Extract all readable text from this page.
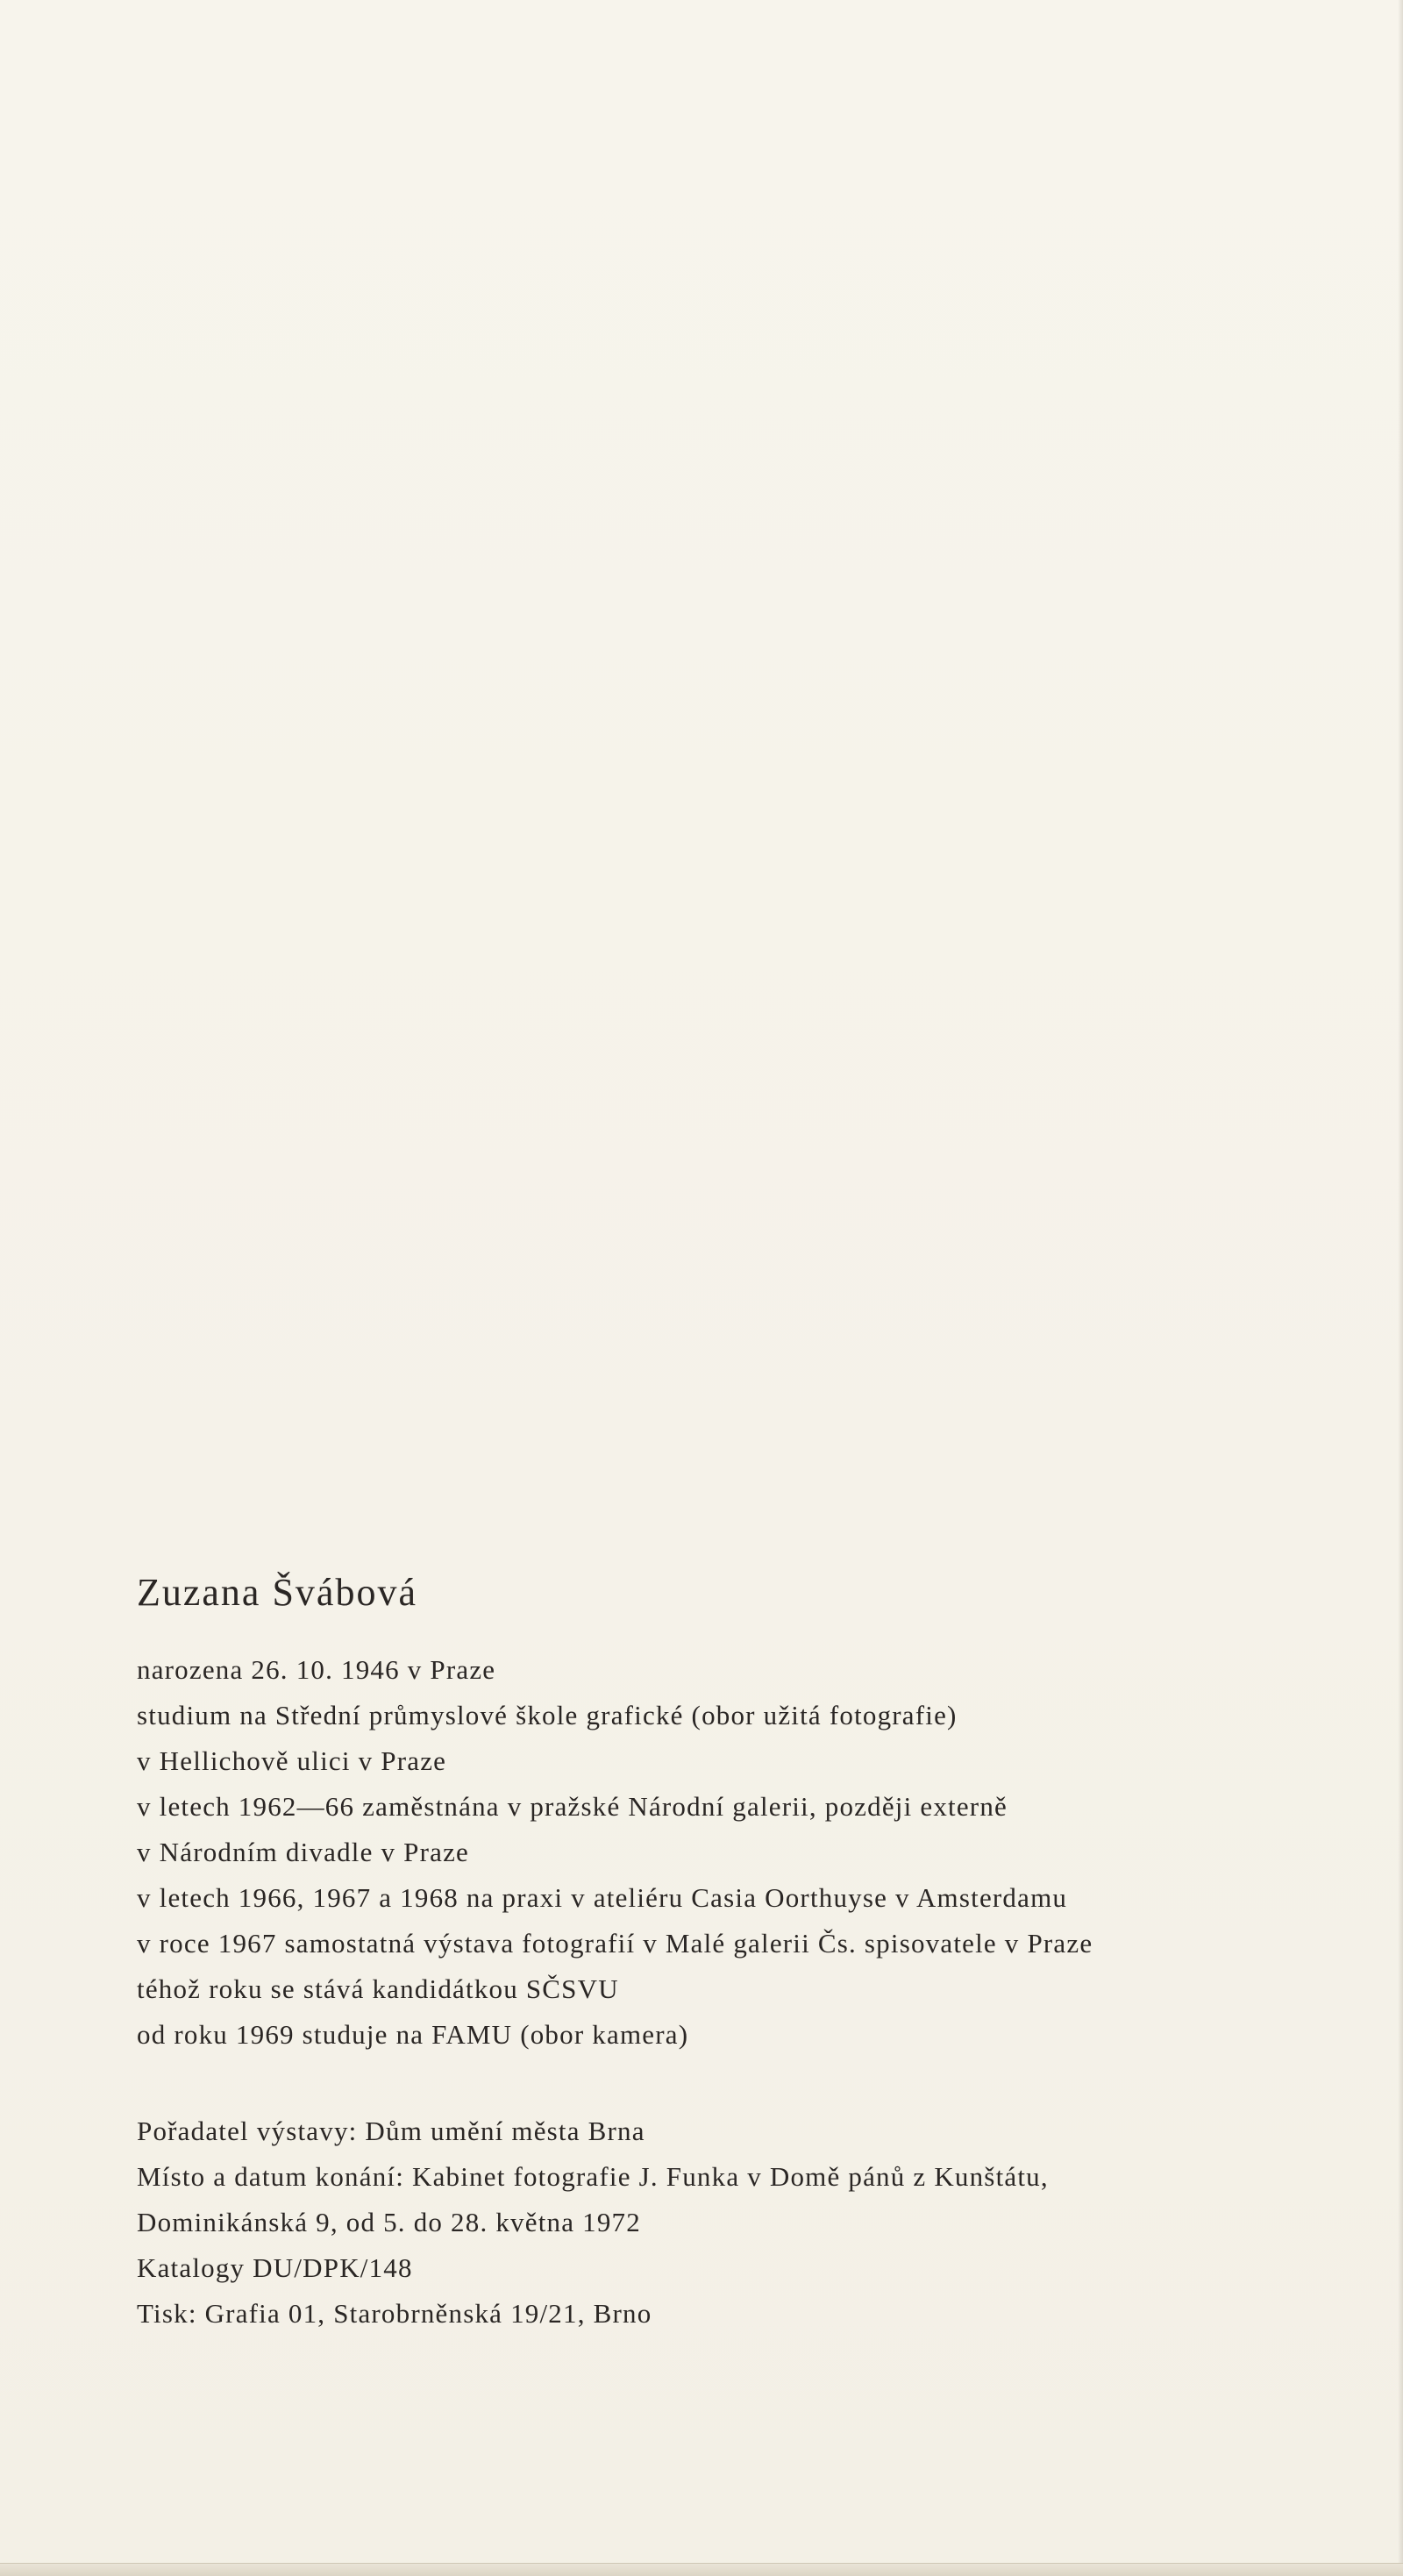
Zuzana Švábová
narozena 26. 10. 1946 v Praze
studium na Střední průmyslové škole grafické (obor užitá fotografie)
v Hellichově ulici v Praze
v letech 1962—66 zaměstnána v pražské Národní galerii, později externě
v Národním divadle v Praze
v letech 1966, 1967 a 1968 na praxi v ateliéru Casia Oorthuyse v Amsterdamu
v roce 1967 samostatná výstava fotografií v Malé galerii Čs. spisovatele v Praze
téhož roku se stává kandidátkou SČSVU
od roku 1969 studuje na FAMU (obor kamera)
Pořadatel výstavy: Dům umění města Brna
Místo a datum konání: Kabinet fotografie J. Funka v Domě pánů z Kunštátu,
Dominikánská 9, od 5. do 28. května 1972
Katalogy DU/DPK/148
Tisk: Grafia 01, Starobrněnská 19/21, Brno
